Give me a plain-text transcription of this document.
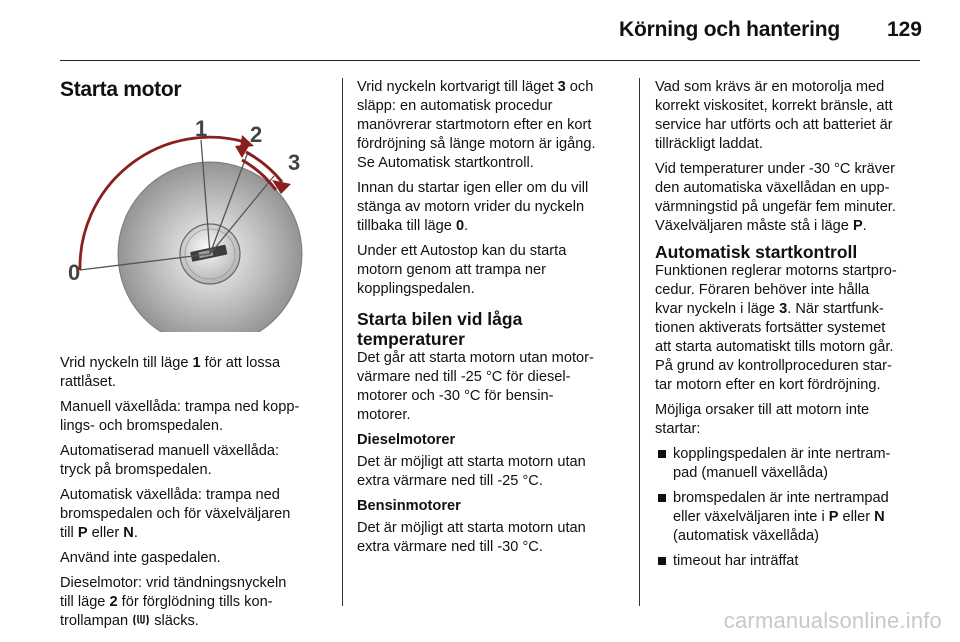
Körning och hantering 129
Starta motor
0
1 2
3

Vrid nyckeln till läge 1 för att lossa
rattlåset.

Manuell växellåda: trampa ned kopp-
lings- och bromspedalen.

Automatiserad manuell växellåda:
tryck på bromspedalen.

Automatisk växellåda: trampa ned
bromspedalen och för växelväljaren
till P eller N.

Använd inte gaspedalen.

Dieselmotor: vrid tändningsnyckeln
till läge 2 för förglödning tills kon-
trollampan  släcks.

Vrid nyckeln kortvarigt till läget 3 och
släpp: en automatisk procedur
manövrerar startmotorn efter en kort
fördröjning så länge motorn är igång.
Se Automatisk startkontroll.

Innan du startar igen eller om du vill
stänga av motorn vrider du nyckeln
tillbaka till läge 0.

Under ett Autostop kan du starta
motorn genom att trampa ner
kopplingspedalen.

Starta bilen vid låga
temperaturer

Det går att starta motorn utan motor-
värmare ned till -25 °C för diesel-
motorer och -30 °C för bensin-
motorer.

Dieselmotorer

Det är möjligt att starta motorn utan
extra värmare ned till -25 °C.

Bensinmotorer

Det är möjligt att starta motorn utan
extra värmare ned till -30 °C.

Vad som krävs är en motorolja med
korrekt viskositet, korrekt bränsle, att
service har utförts och att batteriet är
tillräckligt laddat.

Vid temperaturer under -30 °C kräver
den automatiska växellådan en upp-
värmningstid på ungefär fem minuter.
Växelväljaren måste stå i läge P.

Automatisk startkontroll

Funktionen reglerar motorns startpro-
cedur. Föraren behöver inte hålla
kvar nyckeln i läge 3. När startfunk-
tionen aktiverats fortsätter systemet
att starta automatiskt tills motorn går.
På grund av kontrollproceduren star-
tar motorn efter en kort fördröjning.

Möjliga orsaker till att motorn inte
startar:

kopplingspedalen är inte nertram-
pad (manuell växellåda)
bromspedalen är inte nertrampad
eller växelväljaren inte i P eller N
(automatisk växellåda)
timeout har inträffat
carmanualsonline.info
